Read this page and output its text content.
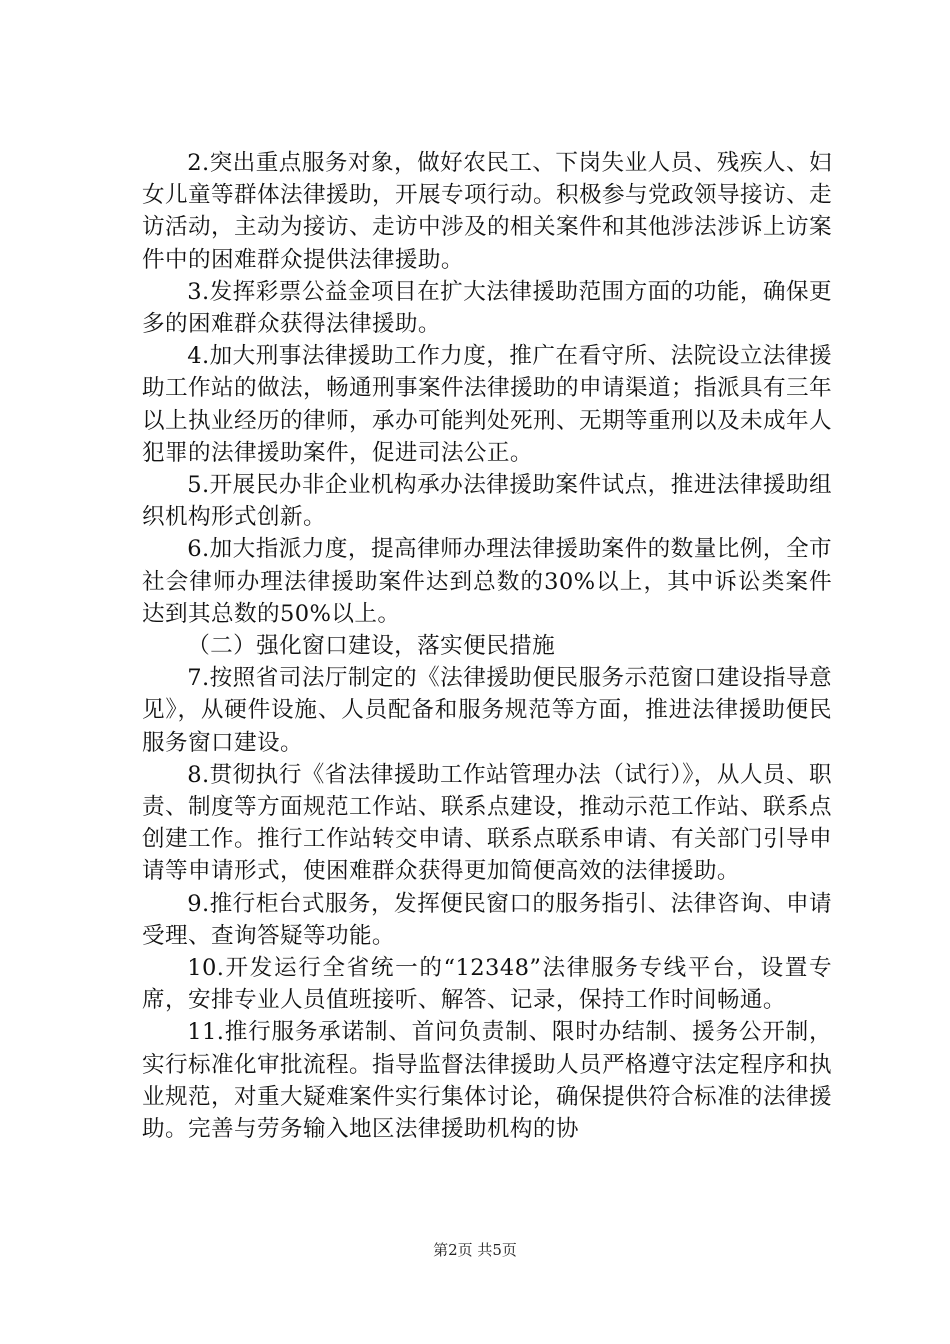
2.突出重点服务对象，做好农民工、下岗失业人员、残疾人、妇女儿童等群体法律援助，开展专项行动。积极参与党政领导接访、走访活动，主动为接访、走访中涉及的相关案件和其他涉法涉诉上访案件中的困难群众提供法律援助。

3.发挥彩票公益金项目在扩大法律援助范围方面的功能，确保更多的困难群众获得法律援助。

4.加大刑事法律援助工作力度，推广在看守所、法院设立法律援助工作站的做法，畅通刑事案件法律援助的申请渠道；指派具有三年以上执业经历的律师，承办可能判处死刑、无期等重刑以及未成年人犯罪的法律援助案件，促进司法公正。

5.开展民办非企业机构承办法律援助案件试点，推进法律援助组织机构形式创新。

6.加大指派力度，提高律师办理法律援助案件的数量比例，全市社会律师办理法律援助案件达到总数的30%以上，其中诉讼类案件达到其总数的50%以上。

（二）强化窗口建设，落实便民措施

7.按照省司法厅制定的《法律援助便民服务示范窗口建设指导意见》，从硬件设施、人员配备和服务规范等方面，推进法律援助便民服务窗口建设。

8.贯彻执行《省法律援助工作站管理办法（试行）》，从人员、职责、制度等方面规范工作站、联系点建设，推动示范工作站、联系点创建工作。推行工作站转交申请、联系点联系申请、有关部门引导申请等申请形式，使困难群众获得更加简便高效的法律援助。

9.推行柜台式服务，发挥便民窗口的服务指引、法律咨询、申请受理、查询答疑等功能。

10.开发运行全省统一的“12348”法律服务专线平台，设置专席，安排专业人员值班接听、解答、记录，保持工作时间畅通。

11.推行服务承诺制、首问负责制、限时办结制、援务公开制，实行标准化审批流程。指导监督法律援助人员严格遵守法定程序和执业规范，对重大疑难案件实行集体讨论，确保提供符合标准的法律援助。完善与劳务输入地区法律援助机构的协

第2页 共5页
